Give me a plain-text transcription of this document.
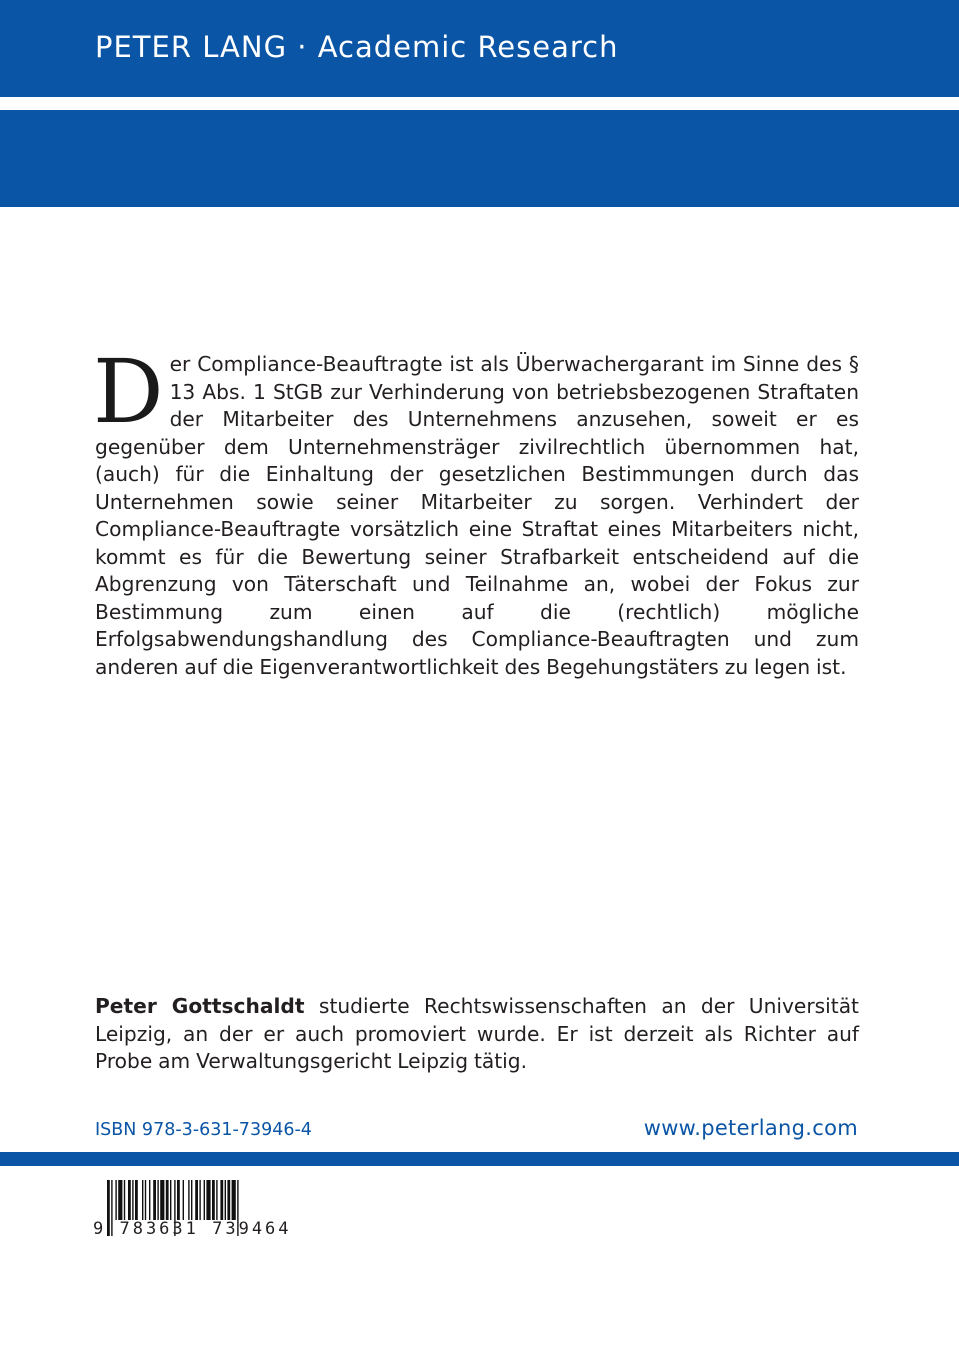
PETER LANG · Academic Research
II / 5974
Der Compliance-Beauftragte ist als Überwachergarant im Sinne des § 13 Abs. 1 StGB zur Verhinderung von betriebsbezogenen Straftaten der Mitarbeiter des Unternehmens anzusehen, soweit er es gegenüber dem Unternehmensträger zivilrechtlich übernommen hat, (auch) für die Einhaltung der gesetzlichen Bestimmungen durch das Unternehmen sowie seiner Mitarbeiter zu sorgen. Verhindert der Compliance-Beauftragte vorsätzlich eine Straftat eines Mitarbeiters nicht, kommt es für die Bewertung seiner Strafbarkeit entscheidend auf die Abgrenzung von Täterschaft und Teilnahme an, wobei der Fokus zur Bestimmung zum einen auf die (rechtlich) mögliche Erfolgsabwendungshandlung des Compliance-Beauftragten und zum anderen auf die Eigenverantwortlichkeit des Begehungstäters zu legen ist.
Peter Gottschaldt studierte Rechtswissenschaften an der Universität Leipzig, an der er auch promoviert wurde. Er ist derzeit als Richter auf Probe am Verwaltungsgericht Leipzig tätig.
ISBN 978-3-631-73946-4	www.peterlang.com
9 783631 739464
